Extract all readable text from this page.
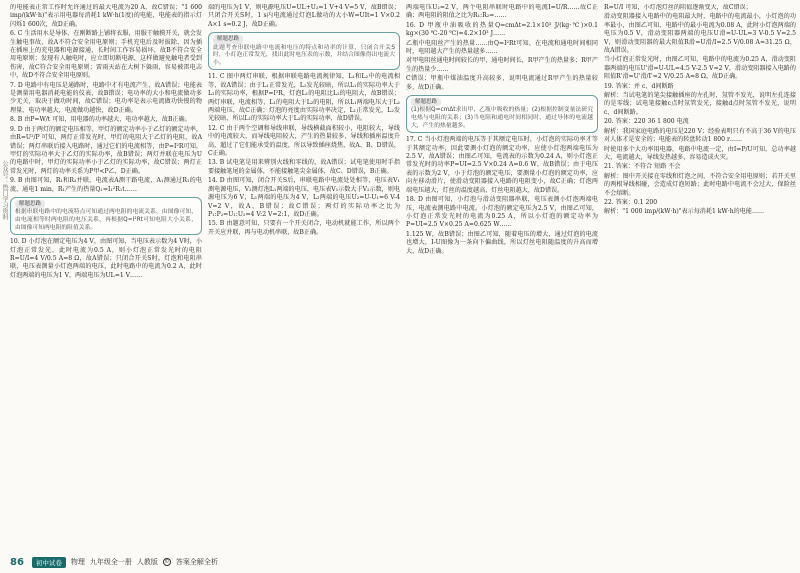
公众号：热门学习资料

的电能表正常工作时允许通过的最大电流为20 A，故C错误；"1 600 imp/(kW·h)"表示用电器每消耗1 kW·h(1度)的电能，电能表的指示灯闪烁1 600次，故D正确。

6. C 生活用水是导体，在刚断路上铺将衣服，用服干触摸开关，就会发生触电事故，故A不符合安全用电原则；手机充电后及时拔除，因为插在插座上的充电器和电源接通，长时间工作容易损坏，故B不符合安全用电原则；发现有人触电时，应立即切断电源，这样做避免触电者受到伤害，故C符合安全用电原则；雷雨天站在大树下躲雨，容易被雷电击中，故D不符合安全用电原则。

7. D 电路中有电压是通路时，电路中才有电流产生，故A错误；电能表是测量用电器消耗电能的仪表，故B错误；电功率的大小和电流做功多少无关，取决于做功时间，故C错误；电功率是表示电流做功快慢的物理量，电功率越大，电流做功越快，故D正确。

8. B 由P=W/t 可知，用电器的功率越大，电功率越大，故B正确。

9. D 由于两灯的额定电压相等，甲灯的额定功率小于乙灯的额定功率，由R=U²/P 可知，两灯正常发光时，甲灯的电阻大于乙灯的电阻，故A错误；两灯串联后接入电路时，通过它们的电流相等，由P=I²R可知，甲灯的实际功率大于乙灯的实际功率，故B错误；两灯并联在电压为U的电路中时，甲灯的实际功率小于乙灯的实际功率，故C错误；两灯正常发光时，两灯的功率关系为P甲<P乙，D正确。

9. B 由图可知，R₁和R₂并联，电流表A测干路电流，A₁测通过R₁的电流，通电1 min，R₁产生的热量Q₁=I₁²R₁t……

解题思路
根据串联电路中的电流特点可知通过两电阻的电流关系，由图像可知，由电流相等时两电阻的电压关系，再根据Q=I²Rt可知电阻大小关系，由图像可知两电阻的阻值关系。

10. D 小灯泡在额定电压为4 V，由图可知，当电压表示数为4 V时，小灯泡正常发光，此时电流为0.5 A，则小灯泡正常发光时的电阻R=U/I=4 V/0.5 A=8 Ω，故A错误；只闭合开关S时，灯泡和电阻串联，电压表测量小灯泡两端的电压，此时电路中的电流为0.2 A，此时灯泡两端的电压为1 V，两端电压为UL=1 V……

端的电压为1 V，则电源电压U=UL+U₂=1 V+4 V=5 V，故B错误；只闭合开关S时，1 s内电流通过灯泡L做功的大小W=UIt=1 V×0.2 A×1 s=0.2 J，故D正确。

解题思路
此题考查串联电路中电流和电压的特点和功率的计算，只闭合开关S时，小灯泡正常发光，找出此时电压表的示数，并结合图像得出电流大小。

11. C 图中两灯串联，根据串联电路电流规律知，L₁和L₂中的电流相等，故A错误；由于L₁正常发光，L₂发光较暗，所以L₁的实际功率大于L₂的实际功率，根据P=I²R，灯泡L₁的电阻比L₂的电阻大，故B错误；两灯串联，电流相等，L₁的电阻大于L₂的电阻，所以L₁两端电压大于L₂两端电压，故C正确；灯泡的亮度由实际功率决定，L₁正常发光，L₂发光较暗，所以L₁的实际功率大于L₂的实际功率，故D错误。

12. C 由于两个空调和导线串联，导线横截面积较小，电阻较大，导线中的电流较大，而导线电阻较大，产生的热量较多，导线和插座温度升高，超过了它们能承受的温度，所以导致插座烧焦，故A、B、D错误，C正确。

13. B 试电笔是用来辨别火线和零线的，故A错误；试电笔使用时手指要接触笔尾的金属体，不能接触笔尖金属体，故C、D错误，B正确。

14. D 由图可知，闭合开关S后，串联电路中电流处处相等，电压表V₁测电源电压，V₂测灯泡L₁两端的电压，电压表V₁示数大于V₂示数，则电源电压为6 V，L₁两端的电压为4 V，L₂两端的电压U₂=U-U₁=6 V-4 V=2 V，故A、B错误；故C错误；两灯的实际功率之比为P₁:P₂=U₁:U₂=4 V:2 V=2:1，故D正确。

15. B 由题意可知，只要有一个开关闭合，电动机就能工作，所以两个开关应并联，再与电动机串联，故B正确。

两端电压U₂=2 V，两个电阻串联时电路中的电流I=U/R……故C正确；两电阻的阻值之比为R₁:R₂=……

16. D 甲瓶中油吸收的热量Q=cmΔt=2.1×10³ J/(kg·℃)×0.1 kg×(30 ℃-20 ℃)=4.2×10³ J……

乙瓶中电阻丝产生的热量……由Q=I²Rt可知，在电流和通电时间相同时，电阻越大产生的热量越多……

对甲电阻丝通电时间较长的甲，通电时间长，R甲产生的热量多；R甲产生的热量少……

C错误；甲瓶中煤油温度升高较多，说明电流通过R甲产生的热量较多，故D正确。

解题思路
(1)根据Q=cmΔt求出甲、乙瓶中吸收的热量；(2)根据控制变量法研究电热与电阻的关系；(3)当电阻和通电时间相同时，通过导体的电流越大，产生的热量越多。

17. C 当小灯泡两端的电压等于其额定电压时，小灯泡的实际功率才等于其额定功率，因此要测小灯泡的额定功率，应使小灯泡两端电压为2.5 V，故A错误；由图乙可知，电流表的示数为0.24 A，则小灯泡正常发光时的功率P=UI=2.5 V×0.24 A=0.6 W，故B错误；由于电压表的示数为2 V，小于灯泡的额定电压，要测量小灯泡的额定功率，应向左移动滑片，使滑动变阻器接入电路的电阻变小，故C正确；灯泡两端电压越大，灯丝的温度越高，灯丝电阻越大，故D错误。

18. D 由图可知，小灯泡与滑动变阻器串联，电压表测小灯泡两端电压，电流表测电路中电流。小灯泡的额定电压为2.5 V，由图乙可知，小灯泡正常发光时的电流为0.25 A，所以小灯泡的额定功率为P=UI=2.5 V×0.25 A=0.625 W……

1.125 W，故B错误；由图乙可知，随着电压的增大，通过灯泡的电流也增大，I-U图像为一条向下偏曲线，所以灯丝电阻随温度的升高而增大，故D正确。

R=U/I 可知，小灯泡灯丝的阻值逐渐变大，故C错误；

滑动变阻器接入电路中的电阻最大时，电路中的电流最小，小灯泡的功率最小，由图乙可知，电路中的最小电流为0.08 A，此时小灯泡两端的电压为0.5 V，滑动变阻器两端的电压U滑=U-UL=3 V-0.5 V=2.5 V，则滑动变阻器的最大阻值R滑=U滑/I=2.5 V/0.08 A=31.25 Ω，故A错误。

当小灯泡正常发光时，由图乙可知，电路中的电流为0.25 A，滑动变阻器两端的电压U'滑=U-UL=4.5 V-2.5 V=2 V，滑动变阻器接入电路的阻值R'滑=U'滑/I'=2 V/0.25 A=8 Ω，故D正确。

19. 答案：并 c、d间断路

解析：当试电笔的笔尖接触插座的左孔时，氖管不发光，说明左孔连接的是零线；试电笔接触c点时氖管发光，接触d点时氖管不发光，说明c、d间断路。

20. 答案：220 36 1 800 电流

解析：我国家庭电路的电压是220 V；经验表明只有不高于36 V的电压对人体才是安全的；电能表的转盘转动1 800 r……

时使用多个大功率用电器，电路中电流一定，由I=P/U可知，总功率越大，电流越大，导线发热越多，容易造成火灾。

21. 答案：不符合 短路 不会

解析：图中开关接在零线和灯泡之间，不符合安全用电原则；若开关里的两根导线相碰，会造成灯泡短路；此时电路中电流不会过大，保险丝不会熔断。

22. 答案：0.1 200

解析："1 000 imp/(kW·h)"表示每消耗1 kW·h的电能……

86	初中试卷	物理 九年级全一册 人教版	© 答案全解全析
